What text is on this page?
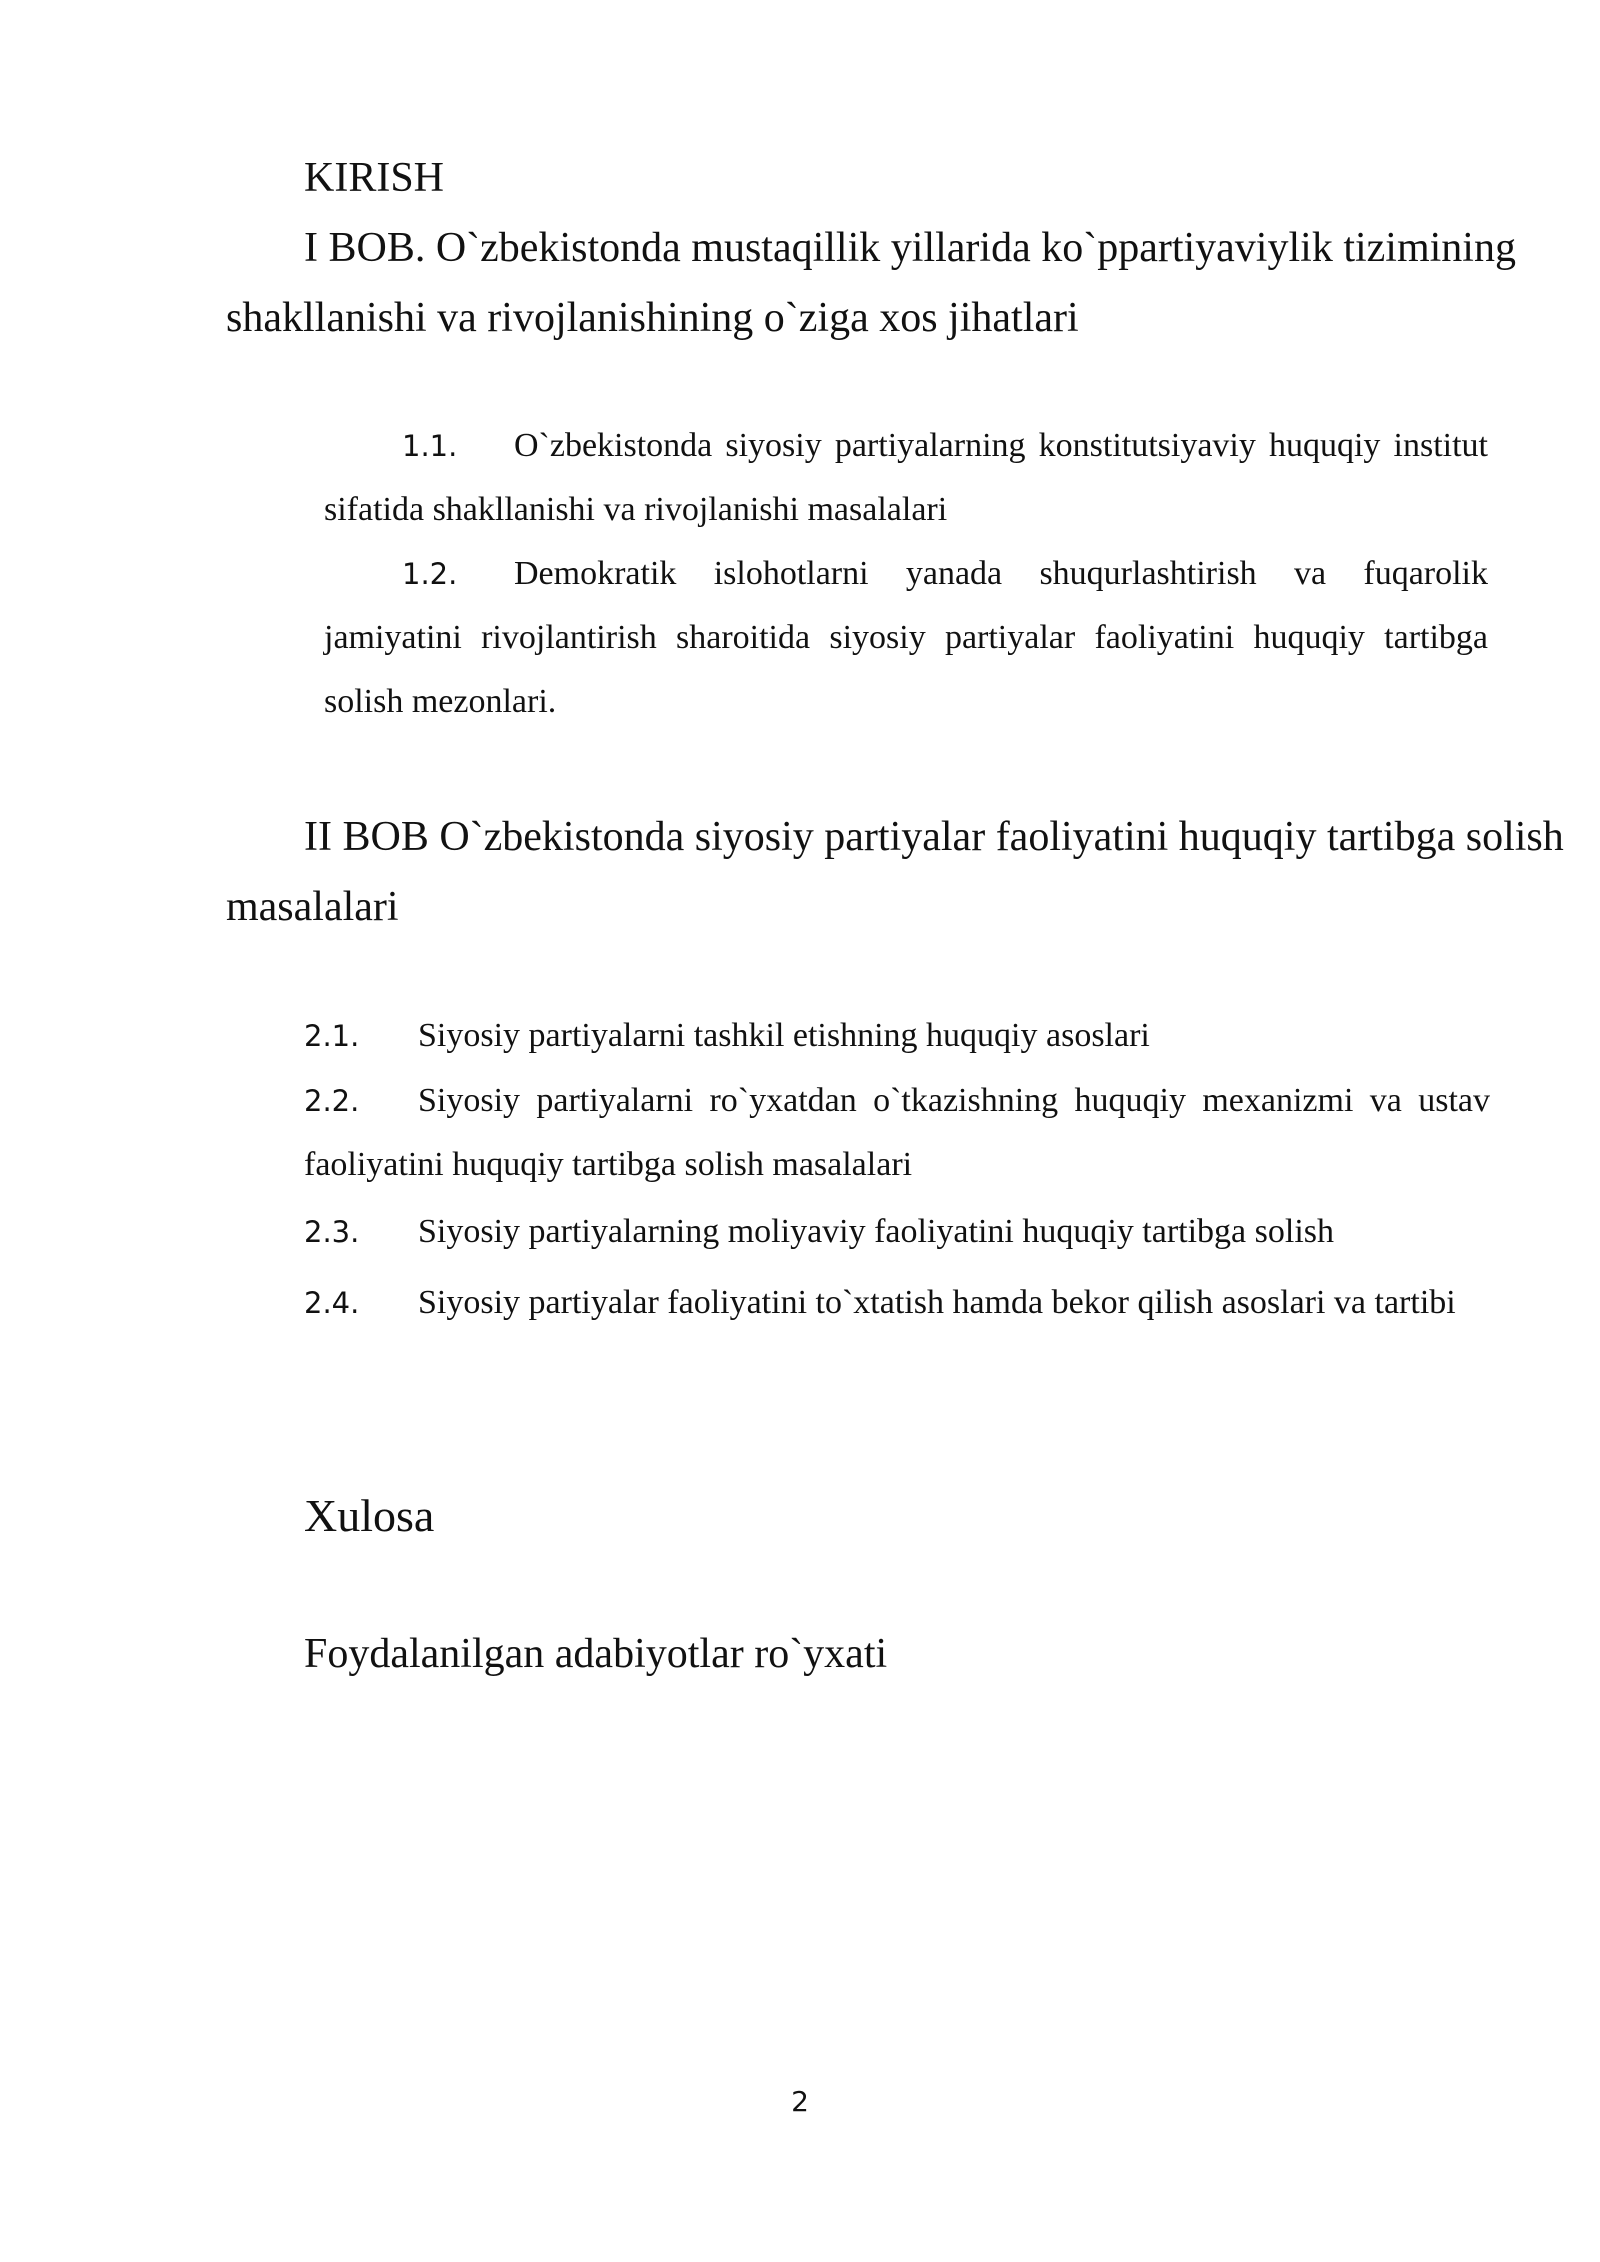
KIRISH
I BOB. O`zbekistonda mustaqillik yillarida ko`ppartiyaviylik tizimining shakllanishi va rivojlanishining o`ziga xos jihatlari
1.1. O`zbekistonda siyosiy partiyalarning konstitutsiyaviy huquqiy institut sifatida shakllanishi va rivojlanishi masalalari
1.2. Demokratik islohotlarni yanada shuqurlashtirish va fuqarolik jamiyatini rivojlantirish sharoitida siyosiy partiyalar faoliyatini huquqiy tartibga solish mezonlari.
II BOB O`zbekistonda siyosiy partiyalar faoliyatini huquqiy tartibga solish masalalari
2.1. Siyosiy partiyalarni tashkil etishning huquqiy asoslari
2.2. Siyosiy partiyalarni ro`yxatdan o`tkazishning huquqiy mexanizmi va ustav faoliyatini huquqiy tartibga solish masalalari
2.3. Siyosiy partiyalarning moliyaviy faoliyatini huquqiy tartibga solish
2.4. Siyosiy partiyalar faoliyatini to`xtatish hamda bekor qilish asoslari va tartibi
Xulosa
Foydalanilgan adabiyotlar ro`yxati
2
